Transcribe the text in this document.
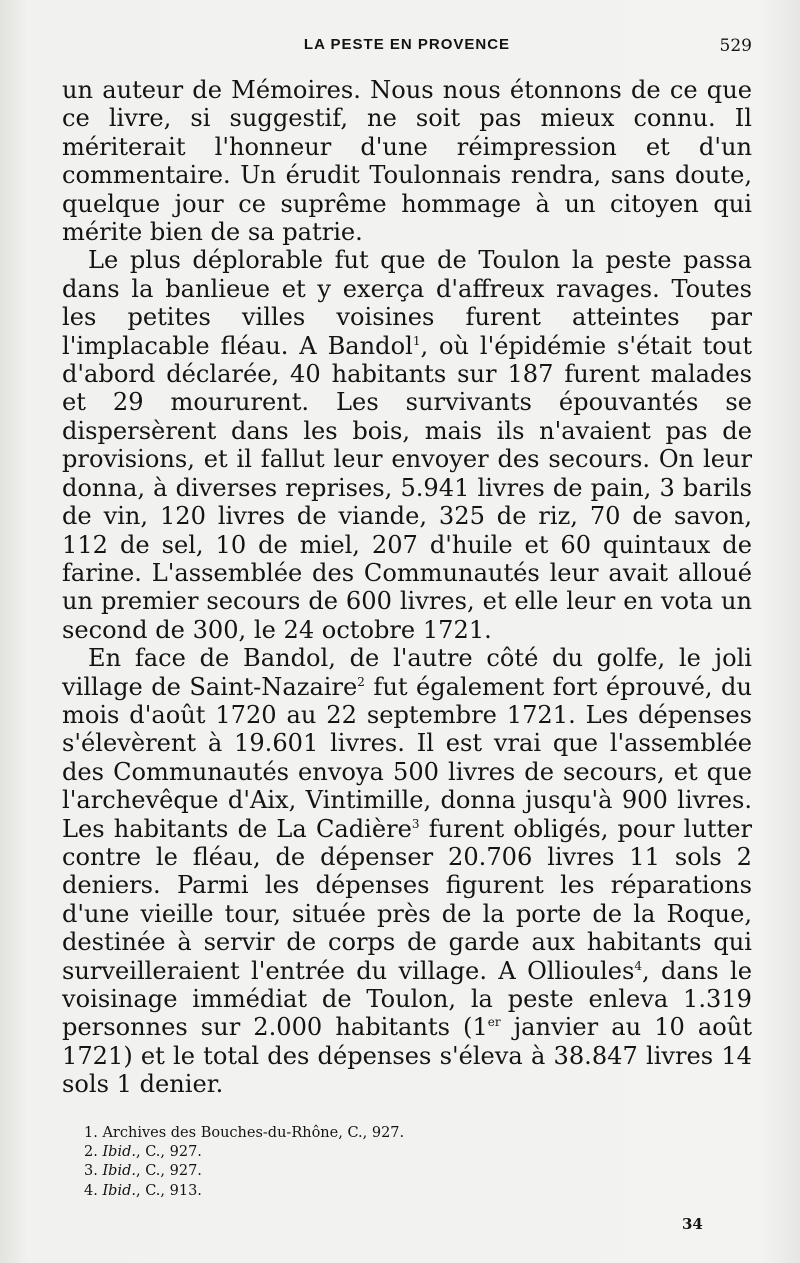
LA PESTE EN PROVENCE	529

un auteur de Mémoires. Nous nous étonnons de ce que ce livre, si suggestif, ne soit pas mieux connu. Il mériterait l'honneur d'une réimpression et d'un commentaire. Un érudit Toulonnais rendra, sans doute, quelque jour ce suprême hommage à un citoyen qui mérite bien de sa patrie.

Le plus déplorable fut que de Toulon la peste passa dans la banlieue et y exerça d'affreux ravages. Toutes les petites villes voisines furent atteintes par l'implacable fléau. A Bandol$^1$, où l'épidémie s'était tout d'abord déclarée, 40 habitants sur 187 furent malades et 29 moururent. Les survivants épouvantés se dispersèrent dans les bois, mais ils n'avaient pas de provisions, et il fallut leur envoyer des secours. On leur donna, à diverses reprises, 5.941 livres de pain, 3 barils de vin, 120 livres de viande, 325 de riz, 70 de savon, 112 de sel, 10 de miel, 207 d'huile et 60 quintaux de farine. L'assemblée des Communautés leur avait alloué un premier secours de 600 livres, et elle leur en vota un second de 300, le 24 octobre 1721.

En face de Bandol, de l'autre côté du golfe, le joli village de Saint-Nazaire$^2$ fut également fort éprouvé, du mois d'août 1720 au 22 septembre 1721. Les dépenses s'élevèrent à 19.601 livres. Il est vrai que l'assemblée des Communautés envoya 500 livres de secours, et que l'archevêque d'Aix, Vintimille, donna jusqu'à 900 livres. Les habitants de La Cadière$^3$ furent obligés, pour lutter contre le fléau, de dépenser 20.706 livres 11 sols 2 deniers. Parmi les dépenses figurent les réparations d'une vieille tour, située près de la porte de la Roque, destinée à servir de corps de garde aux habitants qui surveilleraient l'entrée du village. A Ollioules$^4$, dans le voisinage immédiat de Toulon, la peste enleva 1.319 personnes sur 2.000 habitants (1er janvier au 10 août 1721) et le total des dépenses s'éleva à 38.847 livres 14 sols 1 denier.

1. Archives des Bouches-du-Rhône, C., 927.
2. Ibid., C., 927.
3. Ibid., C., 927.
4. Ibid., C., 913.
34
